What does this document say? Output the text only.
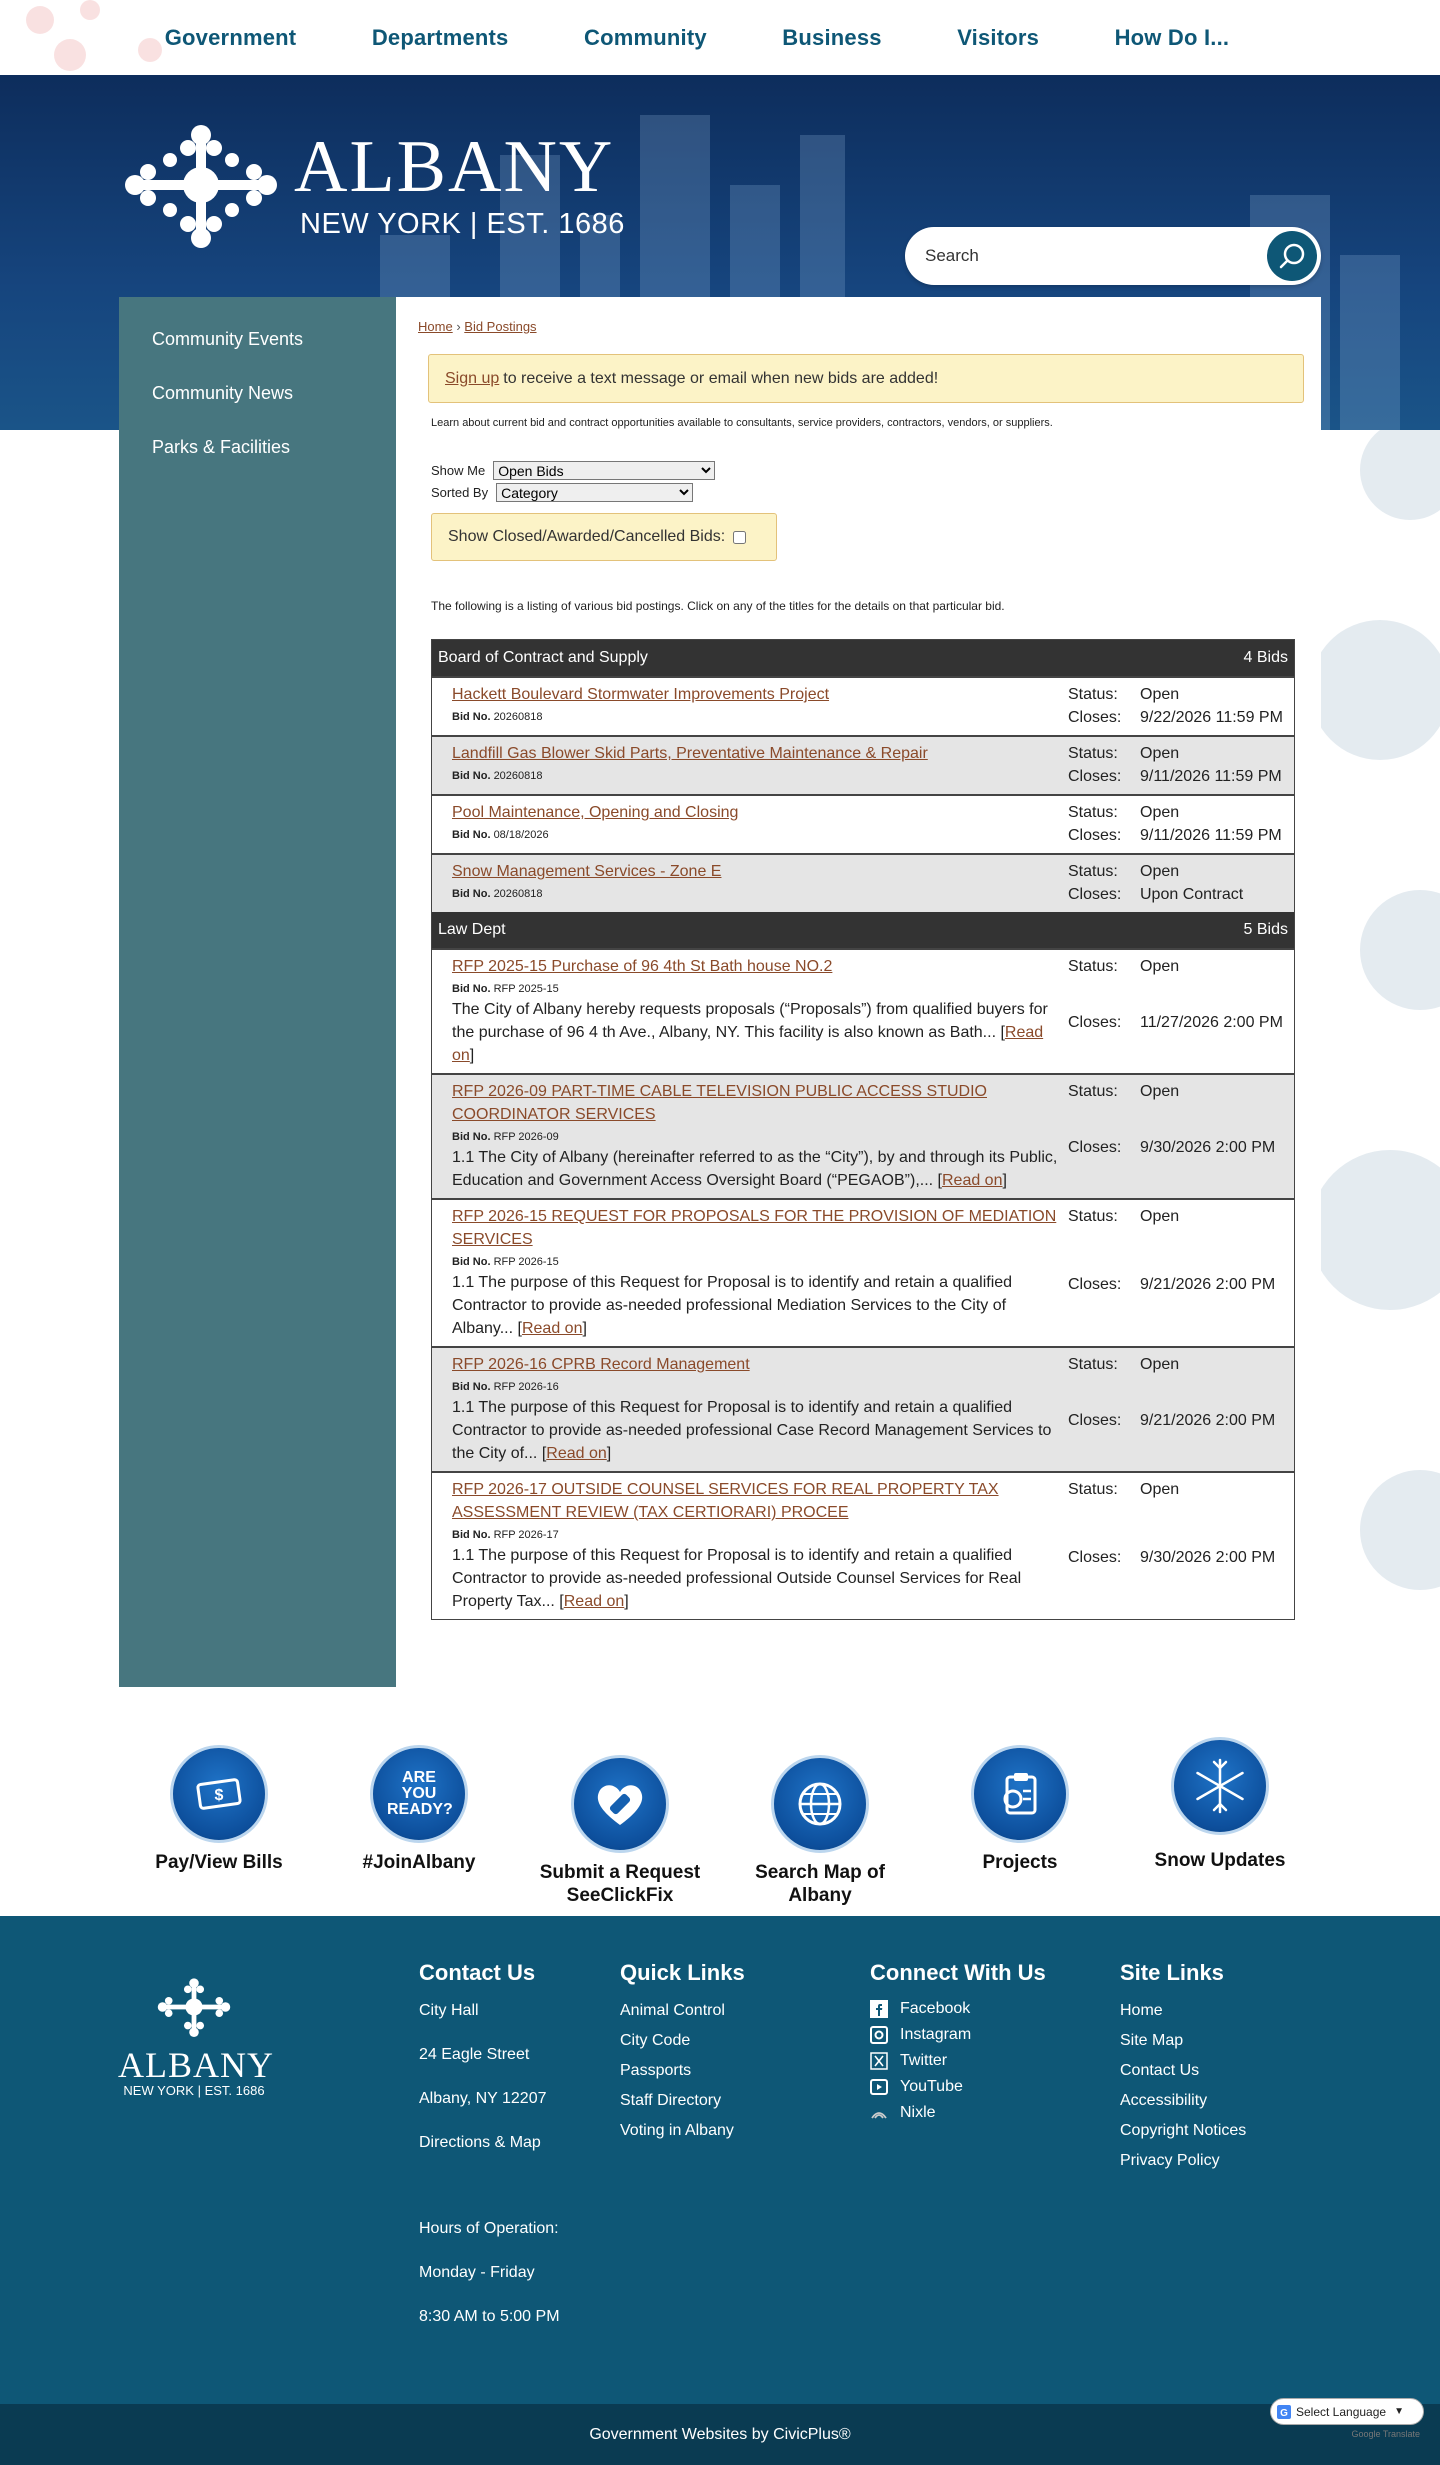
Government	Departments	Community	Business	Visitors	How Do I...
ALBANY
NEW YORK | EST. 1686
Search
Community Events
Community News
Parks & Facilities
Home › Bid Postings
Sign up to receive a text message or email when new bids are added!
Learn about current bid and contract opportunities available to consultants, service providers, contractors, vendors, or suppliers.
Show Me
Open Bids
Sorted By
Category
Show Closed/Awarded/Cancelled Bids:
The following is a listing of various bid postings. Click on any of the titles for the details on that particular bid.
Board of Contract and Supply	4 Bids
Hackett Boulevard Stormwater Improvements Project
Bid No. 20260818
Status:	Open
Closes:	9/22/2026 11:59 PM
Landfill Gas Blower Skid Parts, Preventative Maintenance & Repair
Bid No. 20260818
Status:	Open
Closes:	9/11/2026 11:59 PM
Pool Maintenance, Opening and Closing
Bid No. 08/18/2026
Status:	Open
Closes:	9/11/2026 11:59 PM
Snow Management Services - Zone E
Bid No. 20260818
Status:	Open
Closes:	Upon Contract
Law Dept	5 Bids
RFP 2025-15 Purchase of 96 4th St Bath house NO.2
Bid No. RFP 2025-15
The City of Albany hereby requests proposals (“Proposals”) from qualified buyers for the purchase of 96 4 th Ave., Albany, NY. This facility is also known as Bath... [Read on]
Status:	Open
Closes:	11/27/2026 2:00 PM
RFP 2026-09 PART-TIME CABLE TELEVISION PUBLIC ACCESS STUDIO COORDINATOR SERVICES
Bid No. RFP 2026-09
1.1 The City of Albany (hereinafter referred to as the “City”), by and through its Public, Education and Government Access Oversight Board (“PEGAOB”),... [Read on]
Status:	Open
Closes:	9/30/2026 2:00 PM
RFP 2026-15 REQUEST FOR PROPOSALS FOR THE PROVISION OF MEDIATION SERVICES
Bid No. RFP 2026-15
1.1 The purpose of this Request for Proposal is to identify and retain a qualified Contractor to provide as-needed professional Mediation Services to the City of Albany... [Read on]
Status:	Open
Closes:	9/21/2026 2:00 PM
RFP 2026-16 CPRB Record Management
Bid No. RFP 2026-16
1.1 The purpose of this Request for Proposal is to identify and retain a qualified Contractor to provide as-needed professional Case Record Management Services to the City of... [Read on]
Status:	Open
Closes:	9/21/2026 2:00 PM
RFP 2026-17 OUTSIDE COUNSEL SERVICES FOR REAL PROPERTY TAX ASSESSMENT REVIEW (TAX CERTIORARI) PROCEE
Bid No. RFP 2026-17
1.1 The purpose of this Request for Proposal is to identify and retain a qualified Contractor to provide as-needed professional Outside Counsel Services for Real Property Tax... [Read on]
Status:	Open
Closes:	9/30/2026 2:00 PM
$
Pay/View Bills
ARE YOU READY?
#JoinAlbany	Submit a Request SeeClickFix
Search Map of Albany
Projects	Snow Updates
ALBANY
NEW YORK | EST. 1686
Contact Us
City Hall
24 Eagle Street
Albany, NY 12207
Directions & Map
Hours of Operation:
Monday - Friday
8:30 AM to 5:00 PM
Quick Links
Animal Control
City Code
Passports
Staff Directory
Voting in Albany
Connect With Us
Facebook
Instagram
Twitter
YouTube
Nixle
Site Links
Home
Site Map
Contact Us
Accessibility
Copyright Notices
Privacy Policy
Government Websites by CivicPlus®
G Select Language ▼
Google Translate
